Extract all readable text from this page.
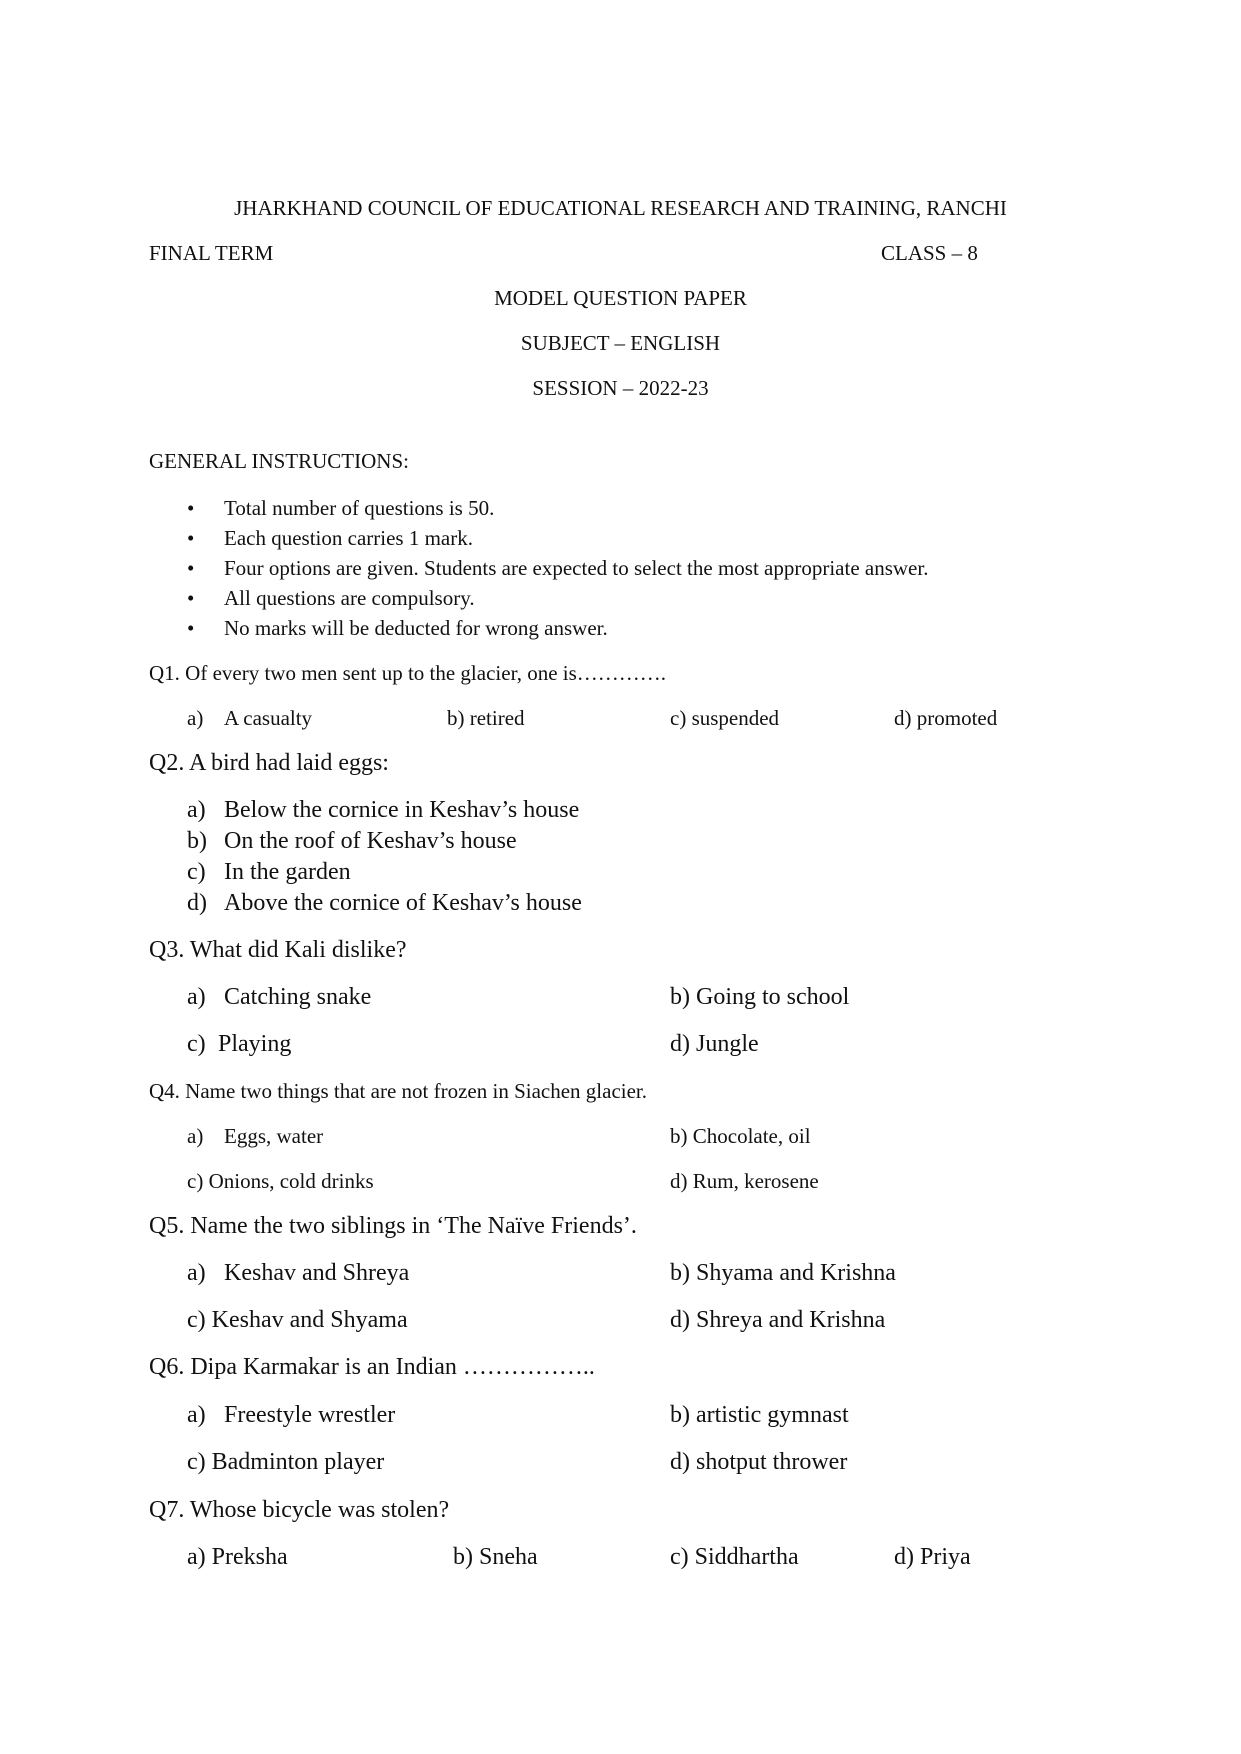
JHARKHAND COUNCIL OF EDUCATIONAL RESEARCH AND TRAINING, RANCHI
FINAL TERM	CLASS – 8
MODEL QUESTION PAPER
SUBJECT – ENGLISH
SESSION – 2022-23
GENERAL INSTRUCTIONS:
• Total number of questions is 50.
• Each question carries 1 mark.
• Four options are given. Students are expected to select the most appropriate answer.
• All questions are compulsory.
• No marks will be deducted for wrong answer.
Q1. Of every two men sent up to the glacier, one is………….
a) A casualty	b) retired	c) suspended	d) promoted
Q2. A bird had laid eggs:
a) Below the cornice in Keshav’s house
b) On the roof of Keshav’s house
c) In the garden
d) Above the cornice of Keshav’s house
Q3. What did Kali dislike?
a) Catching snake	b) Going to school
c) Playing	d) Jungle
Q4. Name two things that are not frozen in Siachen glacier.
a) Eggs, water	b) Chocolate, oil
c) Onions, cold drinks	d) Rum, kerosene
Q5. Name the two siblings in ‘The Naïve Friends’.
a) Keshav and Shreya	b) Shyama and Krishna
c) Keshav and Shyama	d) Shreya and Krishna
Q6. Dipa Karmakar is an Indian ……………..
a) Freestyle wrestler	b) artistic gymnast
c) Badminton player	d) shotput thrower
Q7. Whose bicycle was stolen?
a) Preksha	b) Sneha	c) Siddhartha	d) Priya
